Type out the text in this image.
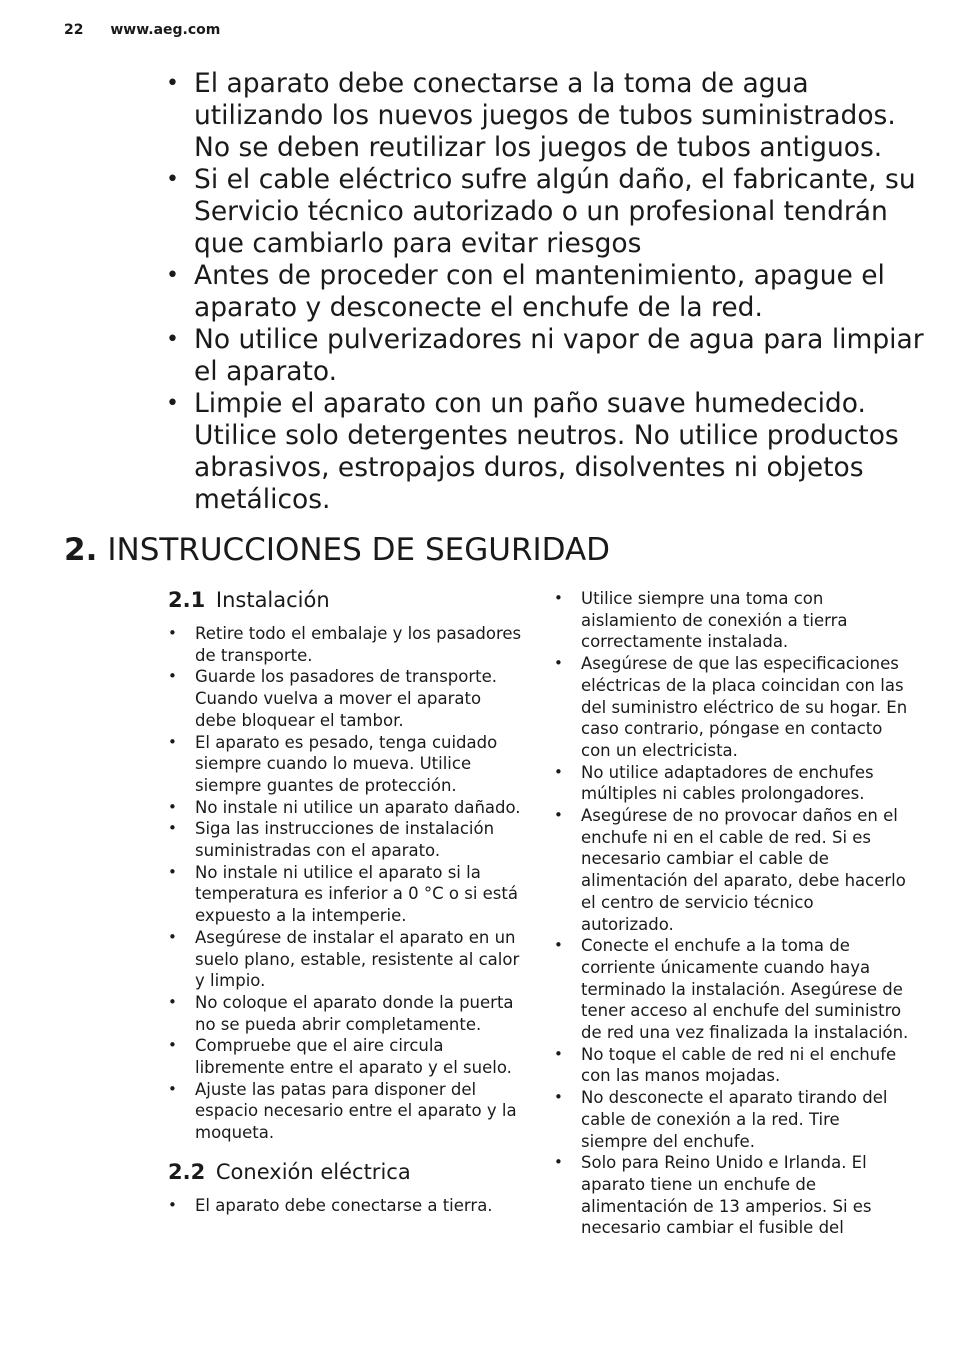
22 www.aeg.com
• El aparato debe conectarse a la toma de agua utilizando los nuevos juegos de tubos suministrados. No se deben reutilizar los juegos de tubos antiguos.
• Si el cable eléctrico sufre algún daño, el fabricante, su Servicio técnico autorizado o un profesional tendrán que cambiarlo para evitar riesgos
• Antes de proceder con el mantenimiento, apague el aparato y desconecte el enchufe de la red.
• No utilice pulverizadores ni vapor de agua para limpiar el aparato.
• Limpie el aparato con un paño suave humedecido. Utilice solo detergentes neutros. No utilice productos abrasivos, estropajos duros, disolventes ni objetos metálicos.
2. INSTRUCCIONES DE SEGURIDAD
2.1 Instalación
• Retire todo el embalaje y los pasadores de transporte.
• Guarde los pasadores de transporte. Cuando vuelva a mover el aparato debe bloquear el tambor.
• El aparato es pesado, tenga cuidado siempre cuando lo mueva. Utilice siempre guantes de protección.
• No instale ni utilice un aparato dañado.
• Siga las instrucciones de instalación suministradas con el aparato.
• No instale ni utilice el aparato si la temperatura es inferior a 0 °C o si está expuesto a la intemperie.
• Asegúrese de instalar el aparato en un suelo plano, estable, resistente al calor y limpio.
• No coloque el aparato donde la puerta no se pueda abrir completamente.
• Compruebe que el aire circula libremente entre el aparato y el suelo.
• Ajuste las patas para disponer del espacio necesario entre el aparato y la moqueta.
2.2 Conexión eléctrica
• El aparato debe conectarse a tierra.
• Utilice siempre una toma con aislamiento de conexión a tierra correctamente instalada.
• Asegúrese de que las especificaciones eléctricas de la placa coincidan con las del suministro eléctrico de su hogar. En caso contrario, póngase en contacto con un electricista.
• No utilice adaptadores de enchufes múltiples ni cables prolongadores.
• Asegúrese de no provocar daños en el enchufe ni en el cable de red. Si es necesario cambiar el cable de alimentación del aparato, debe hacerlo el centro de servicio técnico autorizado.
• Conecte el enchufe a la toma de corriente únicamente cuando haya terminado la instalación. Asegúrese de tener acceso al enchufe del suministro de red una vez finalizada la instalación.
• No toque el cable de red ni el enchufe con las manos mojadas.
• No desconecte el aparato tirando del cable de conexión a la red. Tire siempre del enchufe.
• Solo para Reino Unido e Irlanda. El aparato tiene un enchufe de alimentación de 13 amperios. Si es necesario cambiar el fusible del
